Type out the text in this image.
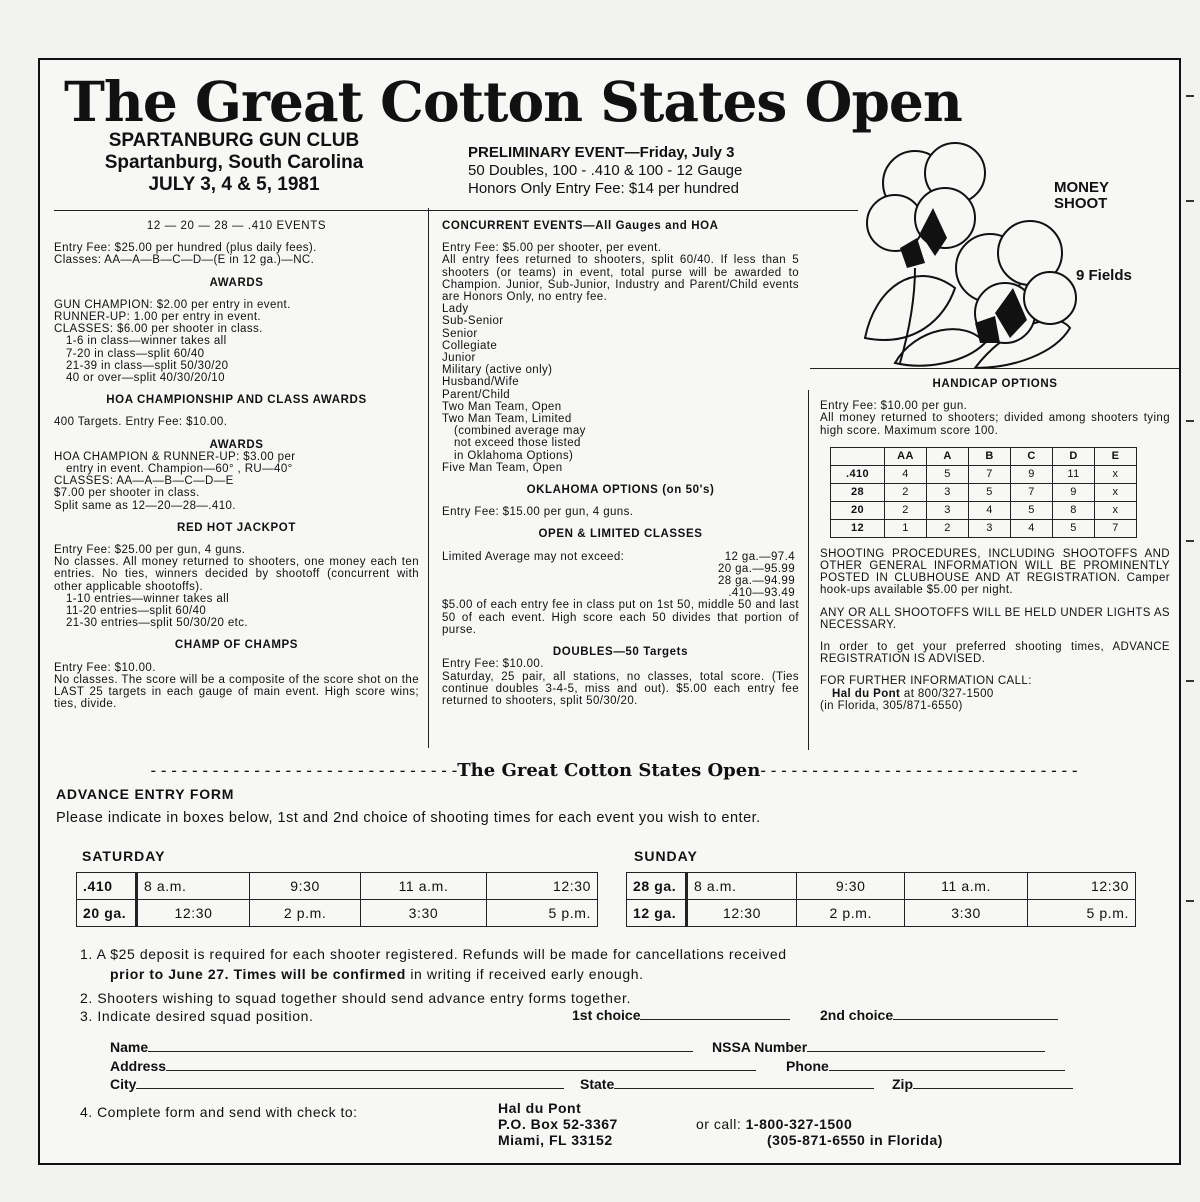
The Great Cotton States Open
SPARTANBURG GUN CLUB
Spartanburg, South Carolina
JULY 3, 4 & 5, 1981
PRELIMINARY EVENT—Friday, July 3
50 Doubles, 100 - .410 & 100 - 12 Gauge
Honors Only Entry Fee: $14 per hundred	MONEY
SHOOT
9 Fields

12 — 20 — 28 — .410 EVENTS

Entry Fee: $25.00 per hundred (plus daily fees).

Classes: AA—A—B—C—D—(E in 12 ga.)—NC.

AWARDS

GUN CHAMPION: $2.00 per entry in event.

RUNNER-UP: 1.00 per entry in event.

CLASSES: $6.00 per shooter in class.

1-6 in class—winner takes all

7-20 in class—split 60/40

21-39 in class—split 50/30/20

40 or over—split 40/30/20/10

HOA CHAMPIONSHIP AND CLASS AWARDS

400 Targets. Entry Fee: $10.00.

AWARDS

HOA CHAMPION & RUNNER-UP: $3.00 per

entry in event. Champion—60° , RU—40°

CLASSES: AA—A—B—C—D—E

$7.00 per shooter in class.

Split same as 12—20—28—.410.

RED HOT JACKPOT

Entry Fee: $25.00 per gun, 4 guns.

No classes. All money returned to shooters, one money each ten entries. No ties, winners decided by shootoff (concurrent with other applicable shootoffs).

1-10 entries—winner takes all

11-20 entries—split 60/40

21-30 entries—split 50/30/20 etc.

CHAMP OF CHAMPS

Entry Fee: $10.00.

No classes. The score will be a composite of the score shot on the LAST 25 targets in each gauge of main event. High score wins; ties, divide.

CONCURRENT EVENTS—All Gauges and HOA

Entry Fee: $5.00 per shooter, per event.

All entry fees returned to shooters, split 60/40. If less than 5 shooters (or teams) in event, total purse will be awarded to Champion. Junior, Sub-Junior, Industry and Parent/Child events are Honors Only, no entry fee.

Lady

Sub-Senior

Senior

Collegiate

Junior

Military (active only)

Husband/Wife

Parent/Child

Two Man Team, Open

Two Man Team, Limited

(combined average may

not exceed those listed

in Oklahoma Options)

Five Man Team, Open

OKLAHOMA OPTIONS (on 50's)

Entry Fee: $15.00 per gun, 4 guns.

OPEN & LIMITED CLASSES

Limited Average may not exceed:	12 ga.—97.4
20 ga.—95.99
28 ga.—94.99
.410—93.49

$5.00 of each entry fee in class put on 1st 50, middle 50 and last 50 of each event. High score each 50 divides that portion of purse.

DOUBLES—50 Targets

Entry Fee: $10.00.

Saturday, 25 pair, all stations, no classes, total score. (Ties continue doubles 3-4-5, miss and out). $5.00 each entry fee returned to shooters, split 50/30/20.

HANDICAP OPTIONS

Entry Fee: $10.00 per gun.

All money returned to shooters; divided among shooters tying high score. Maximum score 100.

	AA	A	B	C	D	E
.410	4	5	7	9	11	x
28	2	3	5	7	9	x
20	2	3	4	5	8	x
12	1	2	3	4	5	7

SHOOTING PROCEDURES, INCLUDING SHOOTOFFS AND OTHER GENERAL INFORMATION WILL BE PROMINENTLY POSTED IN CLUBHOUSE AND AT REGISTRATION. Camper hook-ups available $5.00 per night.

ANY OR ALL SHOOTOFFS WILL BE HELD UNDER LIGHTS AS NECESSARY.

In order to get your preferred shooting times, ADVANCE REGISTRATION IS ADVISED.

FOR FURTHER INFORMATION CALL:

Hal du Pont at 800/327-1500

(in Florida, 305/871-6550)

- - - - - - - - - - - - - - - - - - - - - - - - - - - - - -The Great Cotton States Open- - - - - - - - - - - - - - - - - - - - - - - - - - - - - - -
ADVANCE ENTRY FORM
Please indicate in boxes below, 1st and 2nd choice of shooting times for each event you wish to enter.
SATURDAY	SUNDAY
.410	8 a.m.	9:30	11 a.m.	12:30
20 ga.	12:30	2 p.m.	3:30	5 p.m.
28 ga.	8 a.m.	9:30	11 a.m.	12:30
12 ga.	12:30	2 p.m.	3:30	5 p.m.
1. A $25 deposit is required for each shooter registered. Refunds will be made for cancellations received
prior to June 27. Times will be confirmed in writing if received early enough.
2. Shooters wishing to squad together should send advance entry forms together.
3. Indicate desired squad position.	1st choice	2nd choice
Name	NSSA Number
Address	Phone
City	State	Zip
4. Complete form and send with check to:	Hal du Pont
P.O. Box 52-3367
Miami, FL 33152
or call: 1-800-327-1500
(305-871-6550 in Florida)
